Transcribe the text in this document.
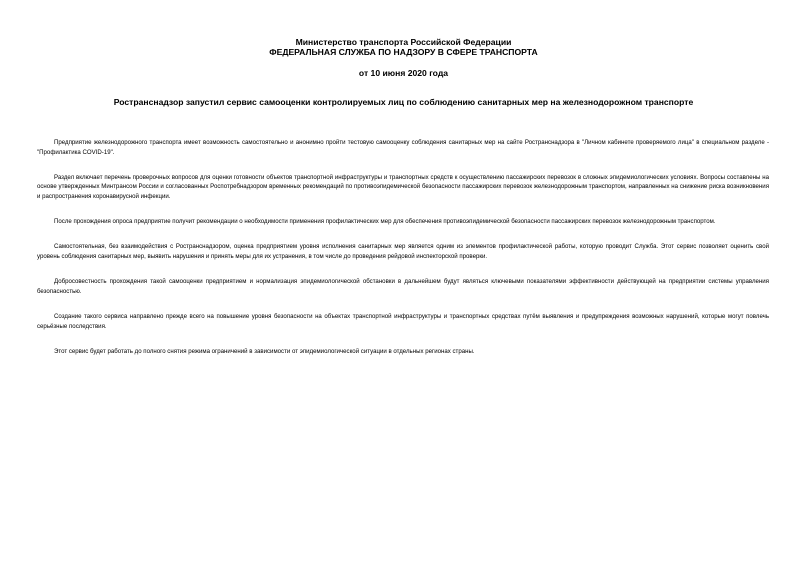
Министерство транспорта Российской Федерации
ФЕДЕРАЛЬНАЯ СЛУЖБА ПО НАДЗОРУ В СФЕРЕ ТРАНСПОРТА
от 10 июня 2020 года
Ространснадзор запустил сервис самооценки контролируемых лиц по соблюдению санитарных мер на железнодорожном транспорте

Предприятие железнодорожного транспорта имеет возможность самостоятельно и анонимно пройти тестовую самооценку соблюдения санитарных мер на сайте Ространснадзора в "Личном кабинете проверяемого лица" в специальном разделе - "Профилактика COVID-19".

Раздел включает перечень проверочных вопросов для оценки готовности объектов транспортной инфраструктуры и транспортных средств к осуществлению пассажирских перевозок в сложных эпидемиологических условиях. Вопросы составлены на основе утвержденных Минтрансом России и согласованных Роспотребнадзором временных рекомендаций по противоэпидемической безопасности пассажирских перевозок железнодорожным транспортом, направленных на снижение риска возникновения и распространения коронавирусной инфекции.

После прохождения опроса предприятие получит рекомендации о необходимости применения профилактических мер для обеспечения противоэпидемической безопасности пассажирских перевозок железнодорожным транспортом.

Самостоятельная, без взаимодействия с Ространснадзором, оценка предприятием уровня исполнения санитарных мер является одним из элементов профилактической работы, которую проводит Служба. Этот сервис позволяет оценить свой уровень соблюдения санитарных мер, выявить нарушения и принять меры для их устранения, в том числе до проведения рейдовой инспекторской проверки.

Добросовестность прохождения такой самооценки предприятием и нормализация эпидемиологической обстановки в дальнейшем будут являться ключевыми показателями эффективности действующей на предприятии системы управления безопасностью.

Создание такого сервиса направлено прежде всего на повышение уровня безопасности на объектах транспортной инфраструктуры и транспортных средствах путём выявления и предупреждения возможных нарушений, которые могут повлечь серьёзные последствия.

Этот сервис будет работать до полного снятия режима ограничений в зависимости от эпидемиологической ситуации в отдельных регионах страны.
